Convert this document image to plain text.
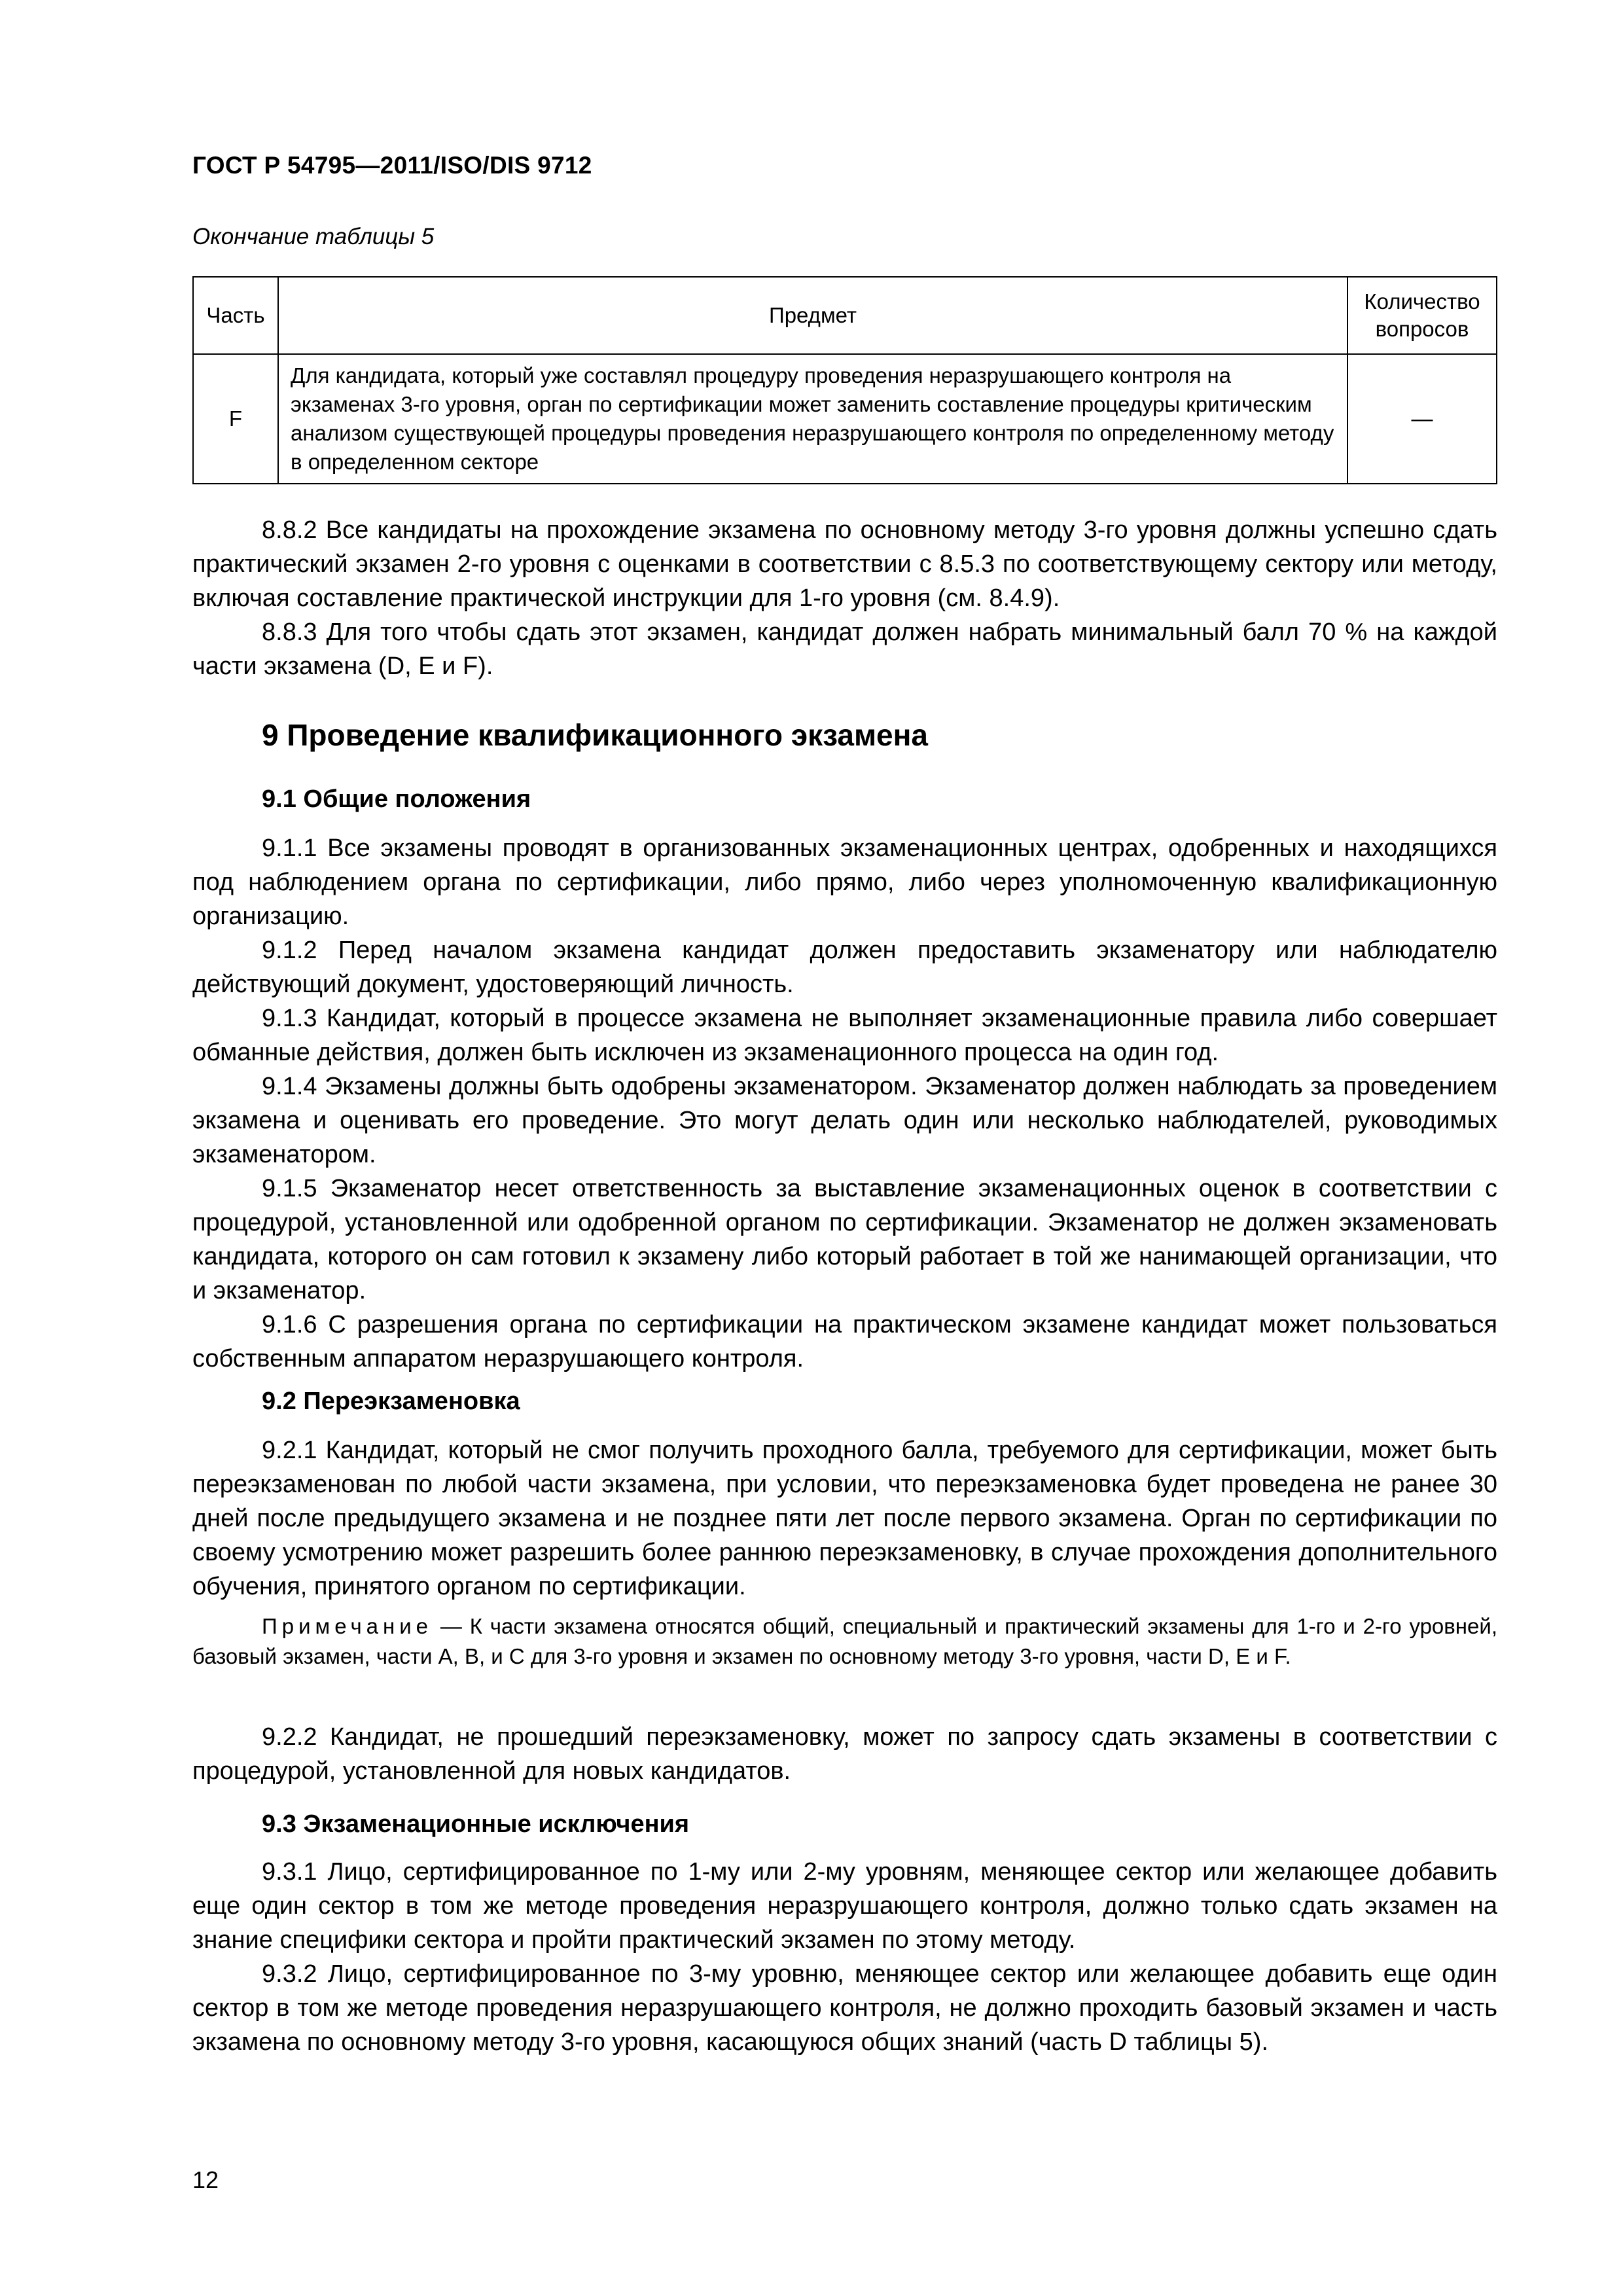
ГОСТ Р 54795—2011/ISO/DIS 9712
Окончание таблицы 5
Часть	Предмет	Количество вопросов
F	Для кандидата, который уже составлял процедуру проведения неразрушающего контроля на экзаменах 3-го уровня, орган по сертификации может заменить составление процедуры критическим анализом существующей процедуры проведения неразрушающего контроля по определенному методу в определенном секторе	—

8.8.2 Все кандидаты на прохождение экзамена по основному методу 3-го уровня должны успешно сдать практический экзамен 2-го уровня с оценками в соответствии с 8.5.3 по соответствующему сектору или методу, включая составление практической инструкции для 1-го уровня (см. 8.4.9).

8.8.3 Для того чтобы сдать этот экзамен, кандидат должен набрать минимальный балл 70 % на каждой части экзамена (D, E и F).

9 Проведение квалификационного экзамена
9.1 Общие положения

9.1.1 Все экзамены проводят в организованных экзаменационных центрах, одобренных и находящихся под наблюдением органа по сертификации, либо прямо, либо через уполномоченную квалификационную организацию.

9.1.2 Перед началом экзамена кандидат должен предоставить экзаменатору или наблюдателю действующий документ, удостоверяющий личность.

9.1.3 Кандидат, который в процессе экзамена не выполняет экзаменационные правила либо совершает обманные действия, должен быть исключен из экзаменационного процесса на один год.

9.1.4 Экзамены должны быть одобрены экзаменатором. Экзаменатор должен наблюдать за проведением экзамена и оценивать его проведение. Это могут делать один или несколько наблюдателей, руководимых экзаменатором.

9.1.5 Экзаменатор несет ответственность за выставление экзаменационных оценок в соответствии с процедурой, установленной или одобренной органом по сертификации. Экзаменатор не должен экзаменовать кандидата, которого он сам готовил к экзамену либо который работает в той же нанимающей организации, что и экзаменатор.

9.1.6 С разрешения органа по сертификации на практическом экзамене кандидат может пользоваться собственным аппаратом неразрушающего контроля.

9.2 Переэкзаменовка

9.2.1 Кандидат, который не смог получить проходного балла, требуемого для сертификации, может быть переэкзаменован по любой части экзамена, при условии, что переэкзаменовка будет проведена не ранее 30 дней после предыдущего экзамена и не позднее пяти лет после первого экзамена. Орган по сертификации по своему усмотрению может разрешить более раннюю переэкзаменовку, в случае прохождения дополнительного обучения, принятого органом по сертификации.

Примечание — К части экзамена относятся общий, специальный и практический экзамены для 1-го и 2-го уровней, базовый экзамен, части А, В, и С для 3-го уровня и экзамен по основному методу 3-го уровня, части D, E и F.

9.2.2 Кандидат, не прошедший переэкзаменовку, может по запросу сдать экзамены в соответствии с процедурой, установленной для новых кандидатов.

9.3 Экзаменационные исключения

9.3.1 Лицо, сертифицированное по 1-му или 2-му уровням, меняющее сектор или желающее добавить еще один сектор в том же методе проведения неразрушающего контроля, должно только сдать экзамен на знание специфики сектора и пройти практический экзамен по этому методу.

9.3.2 Лицо, сертифицированное по 3-му уровню, меняющее сектор или желающее добавить еще один сектор в том же методе проведения неразрушающего контроля, не должно проходить базовый экзамен и часть экзамена по основному методу 3-го уровня, касающуюся общих знаний (часть D таблицы 5).

12
